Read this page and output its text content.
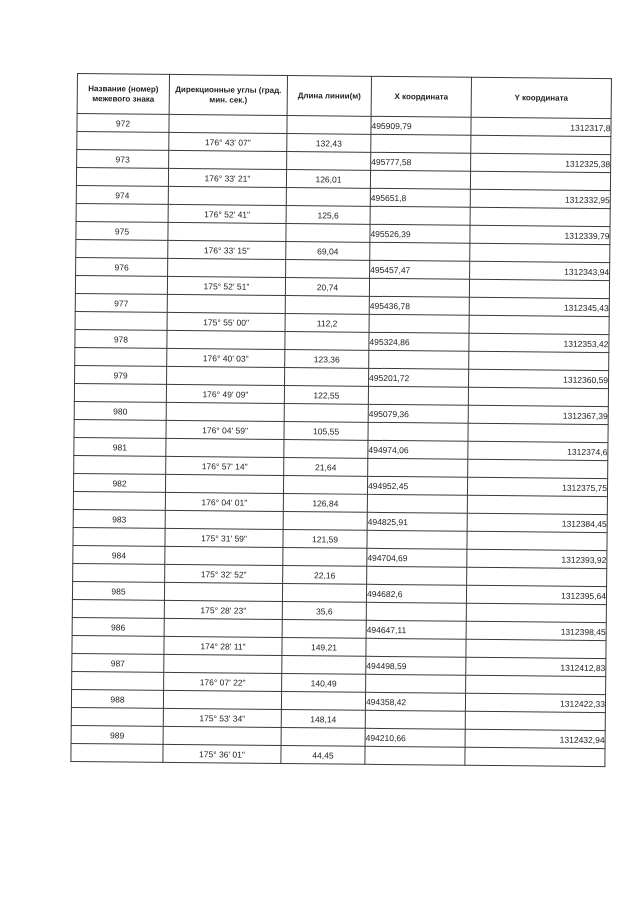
Название (номер) межевого знака	Дирекционные углы (град. мин. сек.)	Длина линии(м)	X координата	Y координата
972			495909,79	1312317,8
	176° 43' 07"	132,43		
973			495777,58	1312325,38
	176° 33' 21"	126,01		
974			495651,8	1312332,95
	176° 52' 41"	125,6		
975			495526,39	1312339,79
	176° 33' 15"	69,04		
976			495457,47	1312343,94
	175° 52' 51"	20,74		
977			495436,78	1312345,43
	175° 55' 00"	112,2		
978			495324,86	1312353,42
	176° 40' 03"	123,36		
979			495201,72	1312360,59
	176° 49' 09"	122,55		
980			495079,36	1312367,39
	176° 04' 59"	105,55		
981			494974,06	1312374,6
	176° 57' 14"	21,64		
982			494952,45	1312375,75
	176° 04' 01"	126,84		
983			494825,91	1312384,45
	175° 31' 59"	121,59		
984			494704,69	1312393,92
	175° 32' 52"	22,16		
985			494682,6	1312395,64
	175° 28' 23"	35,6		
986			494647,11	1312398,45
	174° 28' 11"	149,21		
987			494498,59	1312412,83
	176° 07' 22"	140,49		
988			494358,42	1312422,33
	175° 53' 34"	148,14		
989			494210,66	1312432,94
	175° 36' 01"	44,45		
